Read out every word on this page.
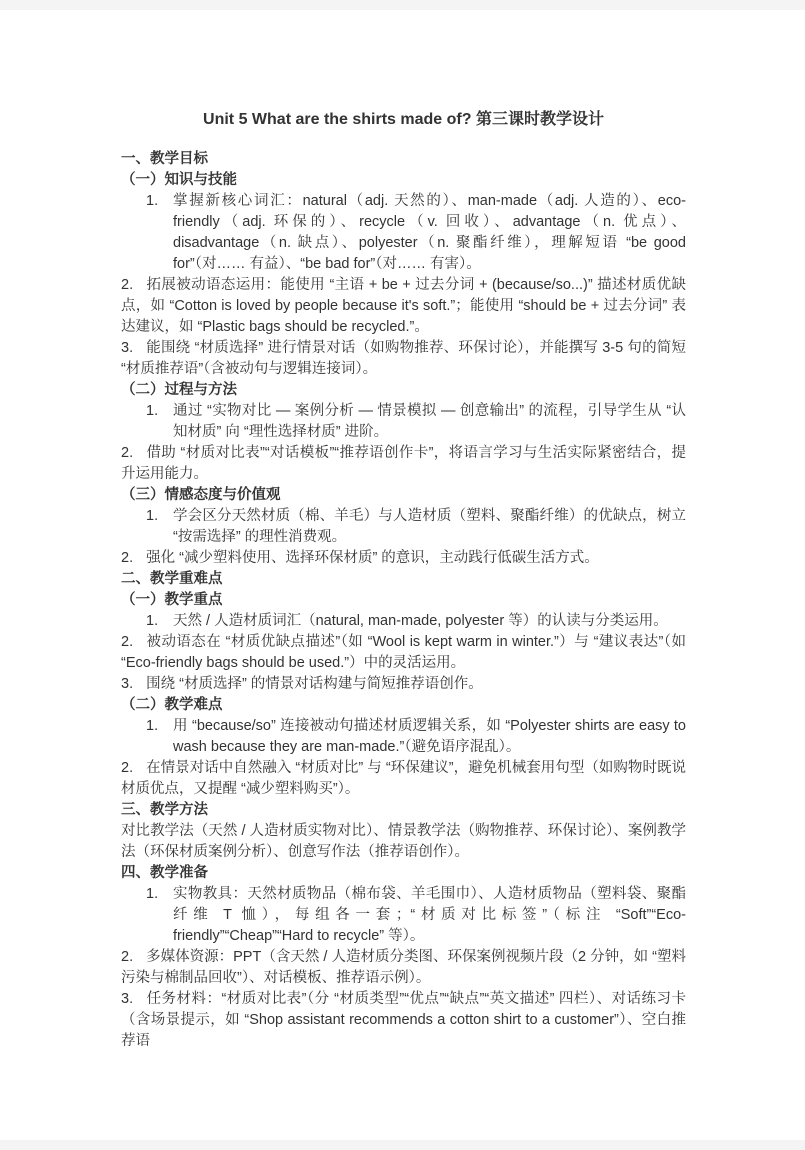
Unit 5 What are the shirts made of? 第三课时教学设计
一、教学目标
（一）知识与技能
1.	掌握新核心词汇：natural（adj. 天然的）、man-made（adj. 人造的）、eco-friendly（adj. 环保的）、recycle（v. 回收）、advantage（n. 优点）、disadvantage（n. 缺点）、polyester（n. 聚酯纤维），理解短语 “be good for”（对…… 有益）、“be bad for”（对…… 有害）。

2. 拓展被动语态运用：能使用 “主语 + be + 过去分词 + (because/so...)” 描述材质优缺点，如 “Cotton is loved by people because it's soft.”；能使用 “should be + 过去分词” 表达建议，如 “Plastic bags should be recycled.”。

3. 能围绕 “材质选择” 进行情景对话（如购物推荐、环保讨论），并能撰写 3-5 句的简短 “材质推荐语”（含被动句与逻辑连接词）。

（二）过程与方法
1.	通过 “实物对比 — 案例分析 — 情景模拟 — 创意输出” 的流程，引导学生从 “认知材质” 向 “理性选择材质” 进阶。

2. 借助 “材质对比表”“对话模板”“推荐语创作卡”，将语言学习与生活实际紧密结合，提升运用能力。

（三）情感态度与价值观
1.	学会区分天然材质（棉、羊毛）与人造材质（塑料、聚酯纤维）的优缺点，树立 “按需选择” 的理性消费观。

2. 强化 “减少塑料使用、选择环保材质” 的意识，主动践行低碳生活方式。

二、教学重难点
（一）教学重点
1.	天然 / 人造材质词汇（natural, man-made, polyester 等）的认读与分类运用。

2. 被动语态在 “材质优缺点描述”（如 “Wool is kept warm in winter.”）与 “建议表达”（如 “Eco-friendly bags should be used.”）中的灵活运用。

3. 围绕 “材质选择” 的情景对话构建与简短推荐语创作。

（二）教学难点
1.	用 “because/so” 连接被动句描述材质逻辑关系，如 “Polyester shirts are easy to wash because they are man-made.”（避免语序混乱）。

2. 在情景对话中自然融入 “材质对比” 与 “环保建议”，避免机械套用句型（如购物时既说材质优点，又提醒 “减少塑料购买”）。

三、教学方法

对比教学法（天然 / 人造材质实物对比）、情景教学法（购物推荐、环保讨论）、案例教学法（环保材质案例分析）、创意写作法（推荐语创作）。

四、教学准备
1.	实物教具：天然材质物品（棉布袋、羊毛围巾）、人造材质物品（塑料袋、聚酯纤维 T 恤），每组各一套；“材质对比标签”（标注 “Soft”“Eco-friendly”“Cheap”“Hard to recycle” 等）。

2. 多媒体资源：PPT（含天然 / 人造材质分类图、环保案例视频片段（2 分钟，如 “塑料污染与棉制品回收”）、对话模板、推荐语示例）。

3. 任务材料：“材质对比表”（分 “材质类型”“优点”“缺点”“英文描述” 四栏）、对话练习卡（含场景提示，如 “Shop assistant recommends a cotton shirt to a customer”）、空白推荐语
